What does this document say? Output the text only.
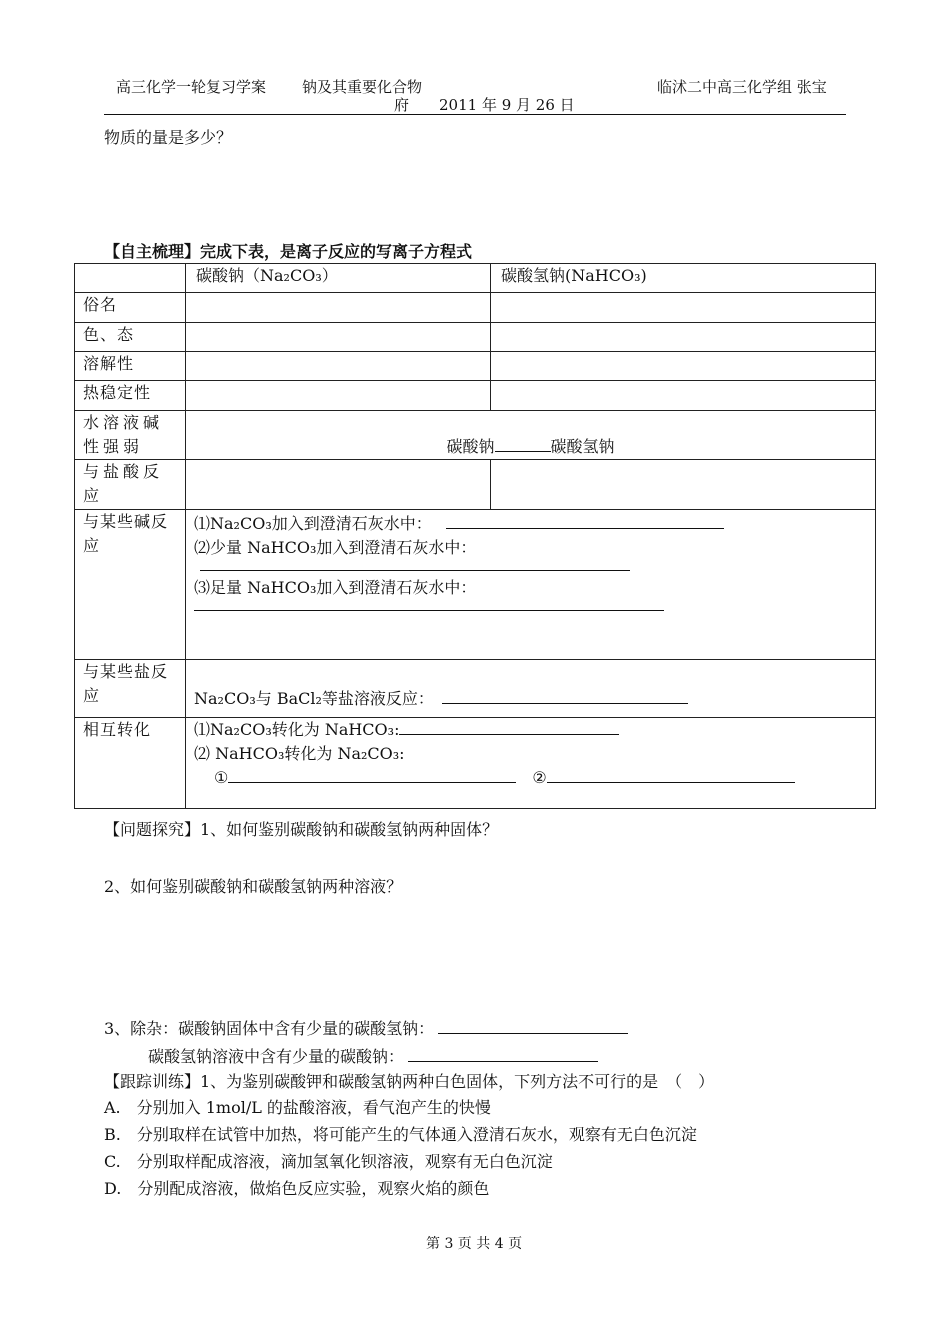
高三化学一轮复习学案 钠及其重要化合物	临沭二中高三化学组 张宝
府　　2011 年 9 月 26 日
物质的量是多少？
【自主梳理】完成下表，是离子反应的写离子方程式
	碳酸钠（Na₂CO₃）	碳酸氢钠(NaHCO₃)
俗名		
色、态		
溶解性		
热稳定性		
水溶液碱性强弱	碳酸钠 碳酸氢钠	
与盐酸反应		
与某些碱反应	⑴Na₂CO₃加入到澄清石灰水中：
⑵少量 NaHCO₃加入到澄清石灰水中：
⑶足量 NaHCO₃加入到澄清石灰水中：	

与某些盐反应	Na₂CO₃与 BaCl₂等盐溶液反应：	
相互转化	⑴Na₂CO₃转化为 NaHCO₃:
⑵ NaHCO₃转化为 Na₂CO₃:
① ②	
【问题探究】1、如何鉴别碳酸钠和碳酸氢钠两种固体？
2、如何鉴别碳酸钠和碳酸氢钠两种溶液？
3、除杂：碳酸钠固体中含有少量的碳酸氢钠：
碳酸氢钠溶液中含有少量的碳酸钠：
【跟踪训练】1、为鉴别碳酸钾和碳酸氢钠两种白色固体，下列方法不可行的是　（　）
A.　分别加入 1mol/L 的盐酸溶液，看气泡产生的快慢
B.　分别取样在试管中加热，将可能产生的气体通入澄清石灰水，观察有无白色沉淀
C.　分别取样配成溶液，滴加氢氧化钡溶液，观察有无白色沉淀
D.　分别配成溶液，做焰色反应实验，观察火焰的颜色
第 3 页 共 4 页
